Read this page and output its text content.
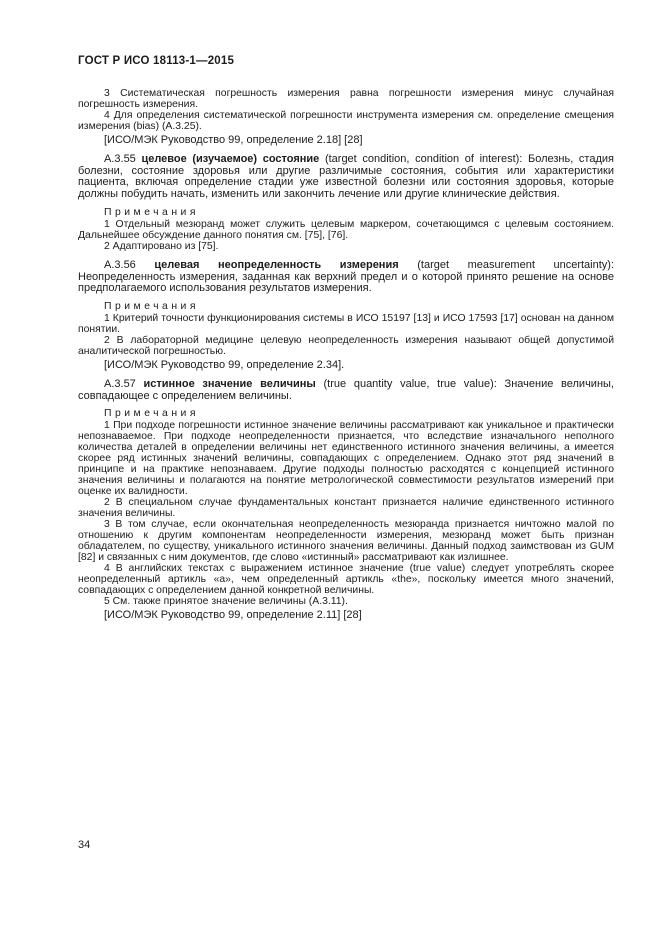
ГОСТ Р ИСО 18113-1—2015

3 Систематическая погрешность измерения равна погрешности измерения минус случайная погрешность измерения.

4 Для определения систематической погрешности инструмента измерения см. определение смещения измерения (bias) (А.3.25).

[ИСО/МЭК Руководство 99, определение 2.18] [28]

А.3.55 целевое (изучаемое) состояние (target condition, condition of interest): Болезнь, стадия болезни, состояние здоровья или другие различимые состояния, события или характеристики пациента, включая определение стадии уже известной болезни или состояния здоровья, которые должны побудить начать, изменить или закончить лечение или другие клинические действия.

Примечания

1 Отдельный мезюранд может служить целевым маркером, сочетающимся с целевым состоянием. Дальнейшее обсуждение данного понятия см. [75], [76].

2 Адаптировано из [75].

А.3.56 целевая неопределенность измерения (target measurement uncertainty): Неопределенность измерения, заданная как верхний предел и о которой принято решение на основе предполагаемого использования результатов измерения.

Примечания

1 Критерий точности функционирования системы в ИСО 15197 [13] и ИСО 17593 [17] основан на данном понятии.

2 В лабораторной медицине целевую неопределенность измерения называют общей допустимой аналитической погрешностью.

[ИСО/МЭК Руководство 99, определение 2.34].

А.3.57 истинное значение величины (true quantity value, true value): Значение величины, совпадающее с определением величины.

Примечания

1 При подходе погрешности истинное значение величины рассматривают как уникальное и практически непознаваемое. При подходе неопределенности признается, что вследствие изначального неполного количества деталей в определении величины нет единственного истинного значения величины, а имеется скорее ряд истинных значений величины, совпадающих с определением. Однако этот ряд значений в принципе и на практике непознаваем. Другие подходы полностью расходятся с концепцией истинного значения величины и полагаются на понятие метрологической совместимости результатов измерений при оценке их валидности.

2 В специальном случае фундаментальных констант признается наличие единственного истинного значения величины.

3 В том случае, если окончательная неопределенность мезюранда признается ничтожно малой по отношению к другим компонентам неопределенности измерения, мезюранд может быть признан обладателем, по существу, уникального истинного значения величины. Данный подход заимствован из GUM [82] и связанных с ним документов, где слово «истинный» рассматривают как излишнее.

4 В английских текстах с выражением истинное значение (true value) следует употреблять скорее неопределенный артикль «а», чем определенный артикль «the», поскольку имеется много значений, совпадающих с определением данной конкретной величины.

5 См. также принятое значение величины (А.3.11).

[ИСО/МЭК Руководство 99, определение 2.11] [28]

34
